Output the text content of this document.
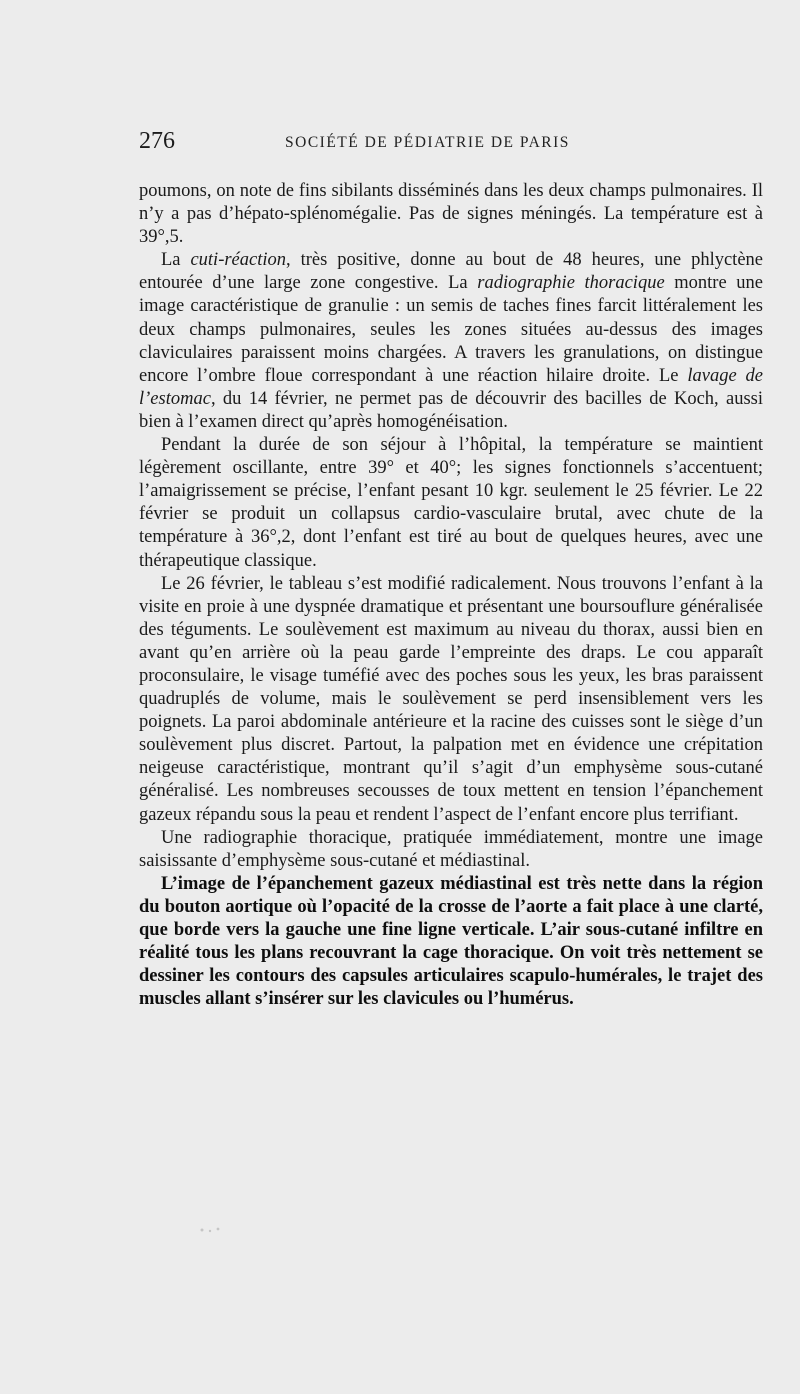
276	SOCIÉTÉ DE PÉDIATRIE DE PARIS

poumons, on note de fins sibilants disséminés dans les deux champs pulmonaires. Il n’y a pas d’hépato-splénomégalie. Pas de signes méningés. La température est à 39°,5.

La cuti-réaction, très positive, donne au bout de 48 heures, une phlyctène entourée d’une large zone congestive. La radiographie thoracique montre une image caractéristique de granulie : un semis de taches fines farcit littéralement les deux champs pulmonaires, seules les zones situées au-dessus des images claviculaires paraissent moins chargées. A travers les granulations, on distingue encore l’ombre floue correspondant à une réaction hilaire droite. Le lavage de l’estomac, du 14 février, ne permet pas de découvrir des bacilles de Koch, aussi bien à l’examen direct qu’après homogénéisation.

Pendant la durée de son séjour à l’hôpital, la température se maintient légèrement oscillante, entre 39° et 40°; les signes fonctionnels s’accentuent; l’amaigrissement se précise, l’enfant pesant 10 kgr. seulement le 25 février. Le 22 février se produit un collapsus cardio-vasculaire brutal, avec chute de la température à 36°,2, dont l’enfant est tiré au bout de quelques heures, avec une thérapeutique classique.

Le 26 février, le tableau s’est modifié radicalement. Nous trouvons l’enfant à la visite en proie à une dyspnée dramatique et présentant une boursouflure généralisée des téguments. Le soulèvement est maximum au niveau du thorax, aussi bien en avant qu’en arrière où la peau garde l’empreinte des draps. Le cou apparaît proconsulaire, le visage tuméfié avec des poches sous les yeux, les bras paraissent quadruplés de volume, mais le soulèvement se perd insensiblement vers les poignets. La paroi abdominale antérieure et la racine des cuisses sont le siège d’un soulèvement plus discret. Partout, la palpation met en évidence une crépitation neigeuse caractéristique, montrant qu’il s’agit d’un emphysème sous-cutané généralisé. Les nombreuses secousses de toux mettent en tension l’épanchement gazeux répandu sous la peau et rendent l’aspect de l’enfant encore plus terrifiant.

Une radiographie thoracique, pratiquée immédiatement, montre une image saisissante d’emphysème sous-cutané et médiastinal.

L’image de l’épanchement gazeux médiastinal est très nette dans la région du bouton aortique où l’opacité de la crosse de l’aorte a fait place à une clarté, que borde vers la gauche une fine ligne verticale. L’air sous-cutané infiltre en réalité tous les plans recouvrant la cage thoracique. On voit très nettement se dessiner les contours des capsules articulaires scapulo-humérales, le trajet des muscles allant s’insérer sur les clavicules ou l’humérus.
